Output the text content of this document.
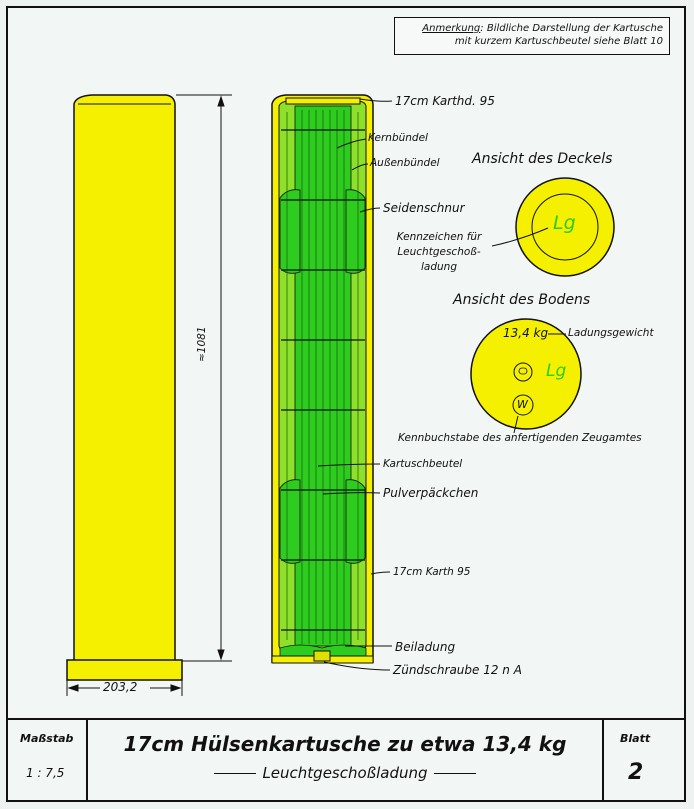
Anmerkung: Bildliche Darstellung der Kartusche
mit kurzem Kartuschbeutel siehe Blatt 10
≈1081
203,2
17cm Karthd. 95
Kernbündel
Außenbündel
Seidenschnur
Kartuschbeutel
Pulverpäckchen
17cm Karth 95
Beiladung
Zündschraube 12 n A
Ansicht des Deckels
Lg
Kennzeichen für Leuchtgeschoß-ladung
Ansicht des Bodens
13,4 kg Ladungsgewicht
Lg
W
Kennbuchstabe des anfertigenden Zeugamtes
Maßstab
1 : 7,5
17cm Hülsenkartusche zu etwa 13,4 kg
Leuchtgeschoßladung
Blatt
2
